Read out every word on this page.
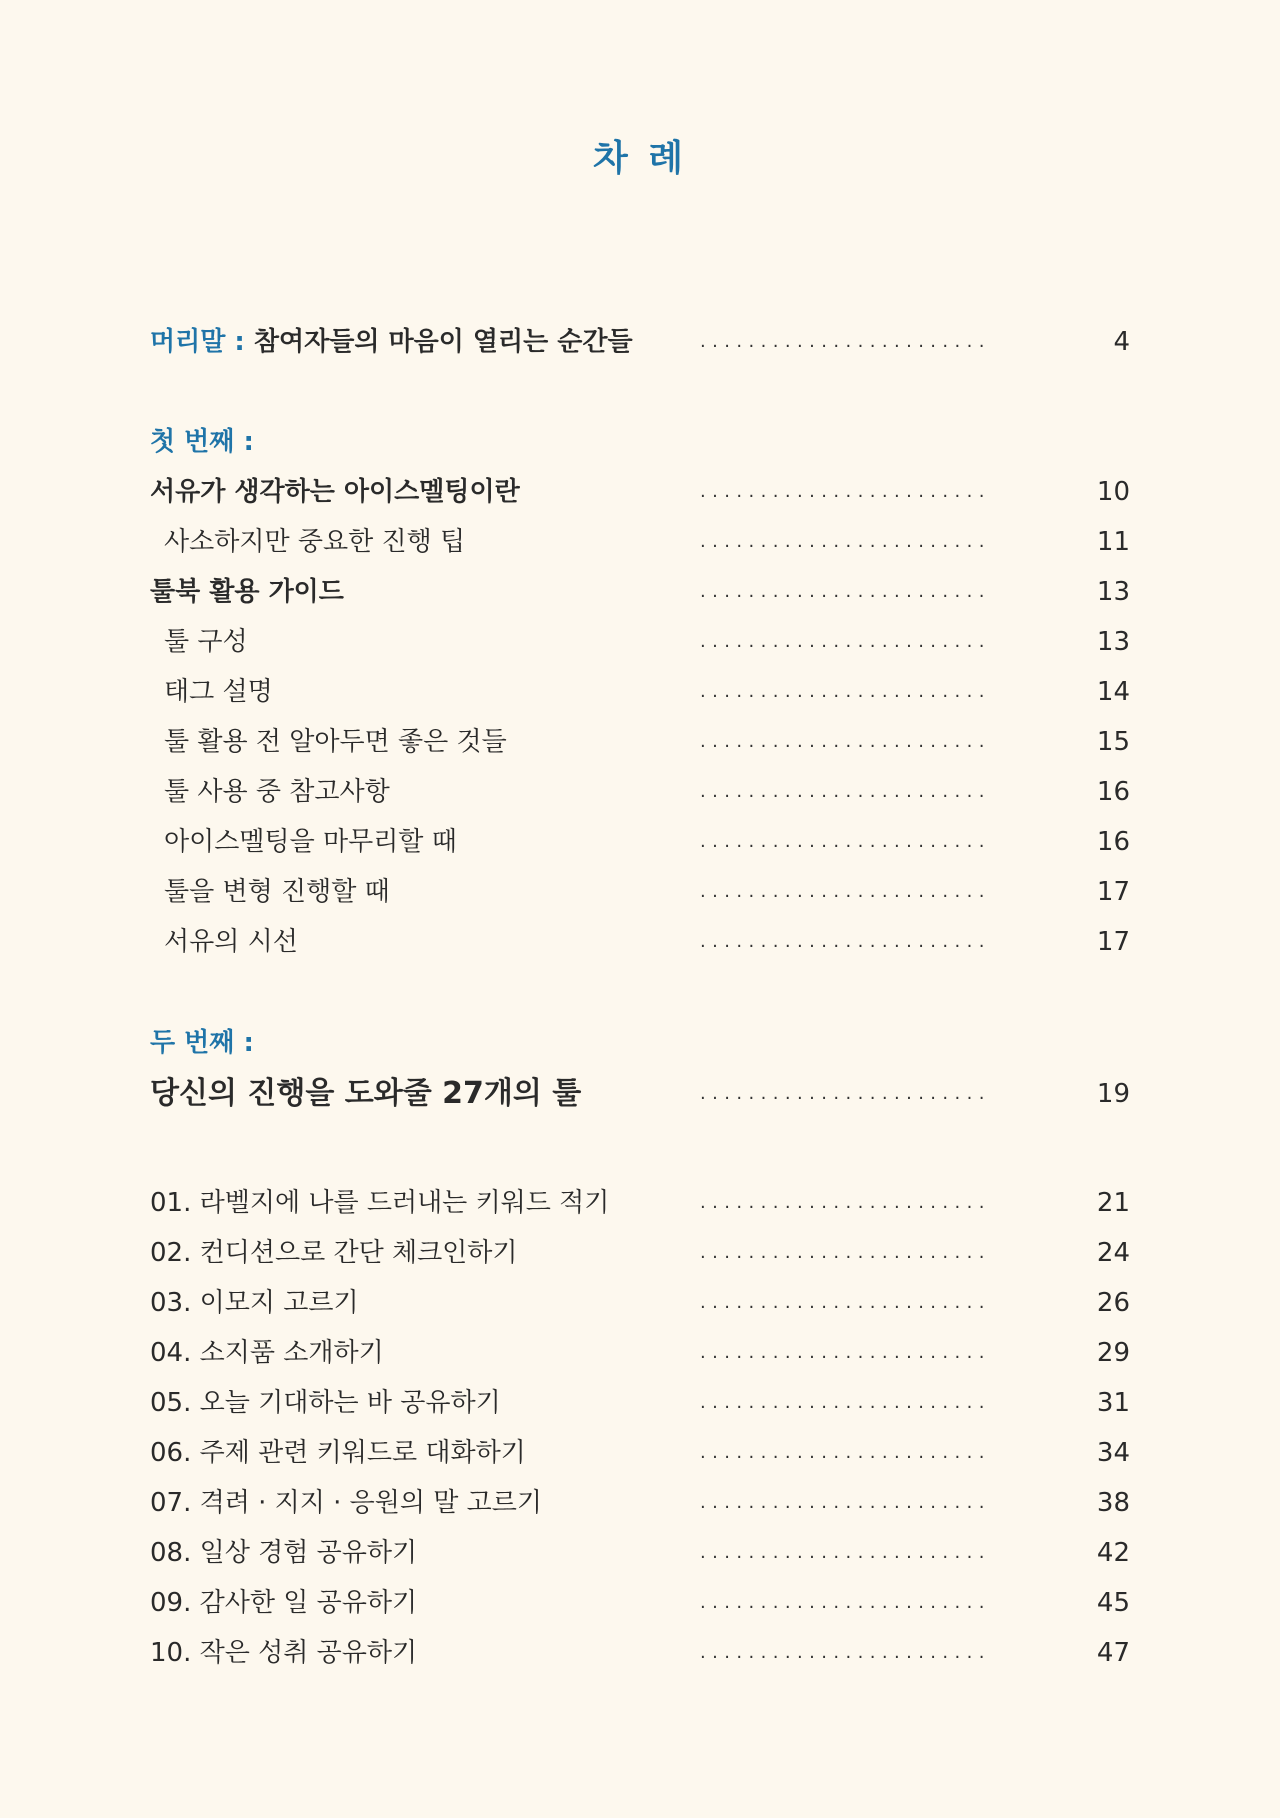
차 례
머리말 : 참여자들의 마음이 열리는 순간들	........................	4
첫 번째 :
서유가 생각하는 아이스멜팅이란	........................	10
사소하지만 중요한 진행 팁	........................	11
툴북 활용 가이드	........................	13
툴 구성	........................	13
태그 설명	........................	14
툴 활용 전 알아두면 좋은 것들	........................	15
툴 사용 중 참고사항	........................	16
아이스멜팅을 마무리할 때	........................	16
툴을 변형 진행할 때	........................	17
서유의 시선	........................	17
두 번째 :
당신의 진행을 도와줄 27개의 툴	........................	19
01. 라벨지에 나를 드러내는 키워드 적기	........................	21
02. 컨디션으로 간단 체크인하기	........................	24
03. 이모지 고르기	........................	26
04. 소지품 소개하기	........................	29
05. 오늘 기대하는 바 공유하기	........................	31
06. 주제 관련 키워드로 대화하기	........................	34
07. 격려 · 지지 · 응원의 말 고르기	........................	38
08. 일상 경험 공유하기	........................	42
09. 감사한 일 공유하기	........................	45
10. 작은 성취 공유하기	........................	47
